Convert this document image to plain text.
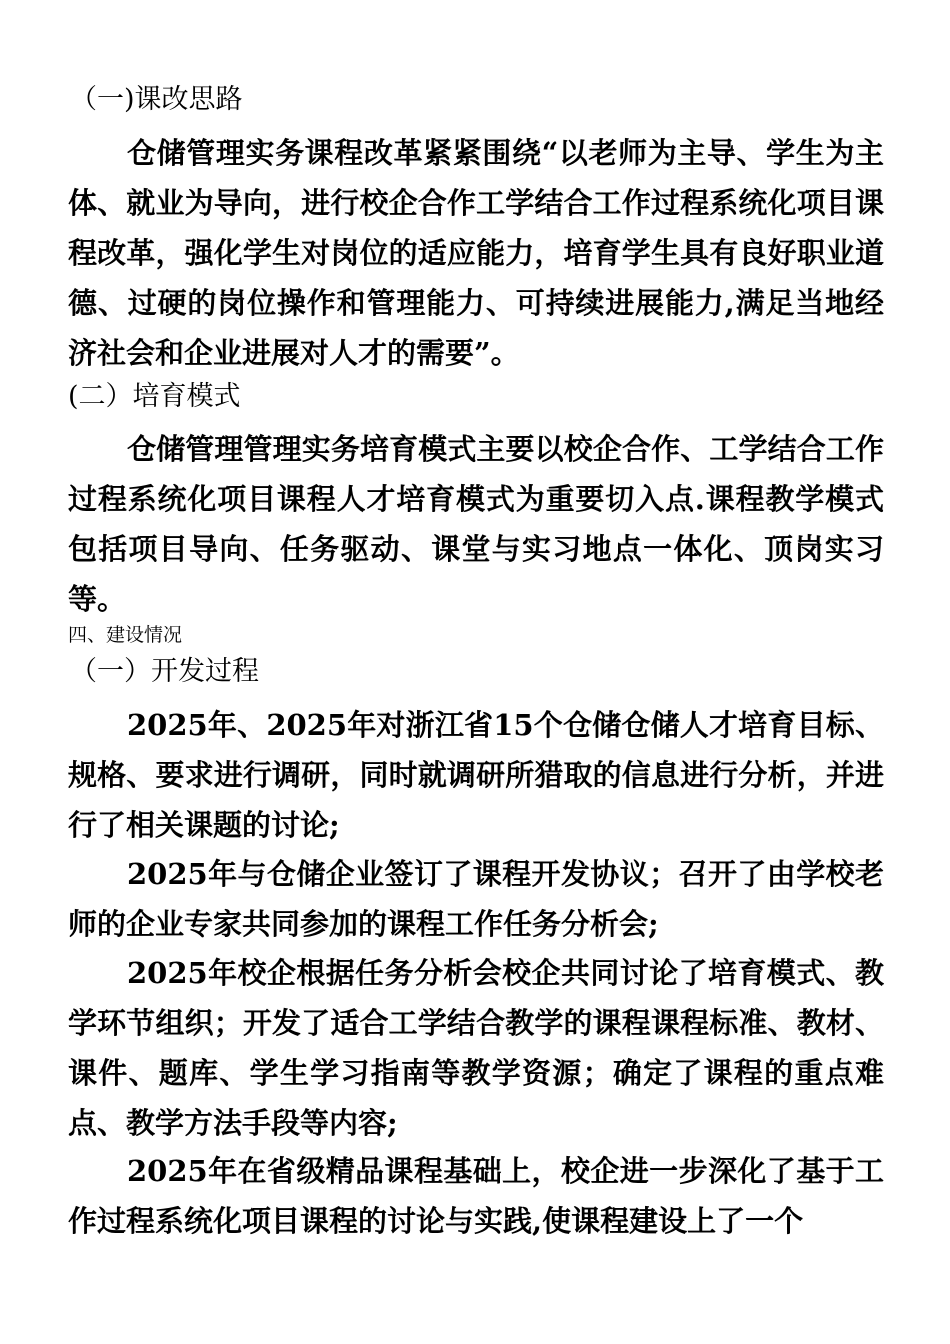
（一)课改思路
仓储管理实务课程改革紧紧围绕“以老师为主导、学生为主体、就业为导向，进行校企合作工学结合工作过程系统化项目课程改革，强化学生对岗位的适应能力，培育学生具有良好职业道德、过硬的岗位操作和管理能力、可持续进展能力,满足当地经济社会和企业进展对人才的需要”。
(二）培育模式
仓储管理管理实务培育模式主要以校企合作、工学结合工作过程系统化项目课程人才培育模式为重要切入点.课程教学模式包括项目导向、任务驱动、课堂与实习地点一体化、顶岗实习等。
四、建设情况
（一）开发过程
2025年、2025年对浙江省15个仓储仓储人才培育目标、规格、要求进行调研，同时就调研所猎取的信息进行分析，并进行了相关课题的讨论;
2025年与仓储企业签订了课程开发协议；召开了由学校老师的企业专家共同参加的课程工作任务分析会;
2025年校企根据任务分析会校企共同讨论了培育模式、教学环节组织；开发了适合工学结合教学的课程课程标准、教材、课件、题库、学生学习指南等教学资源；确定了课程的重点难点、教学方法手段等内容;
2025年在省级精品课程基础上，校企进一步深化了基于工作过程系统化项目课程的讨论与实践,使课程建设上了一个
